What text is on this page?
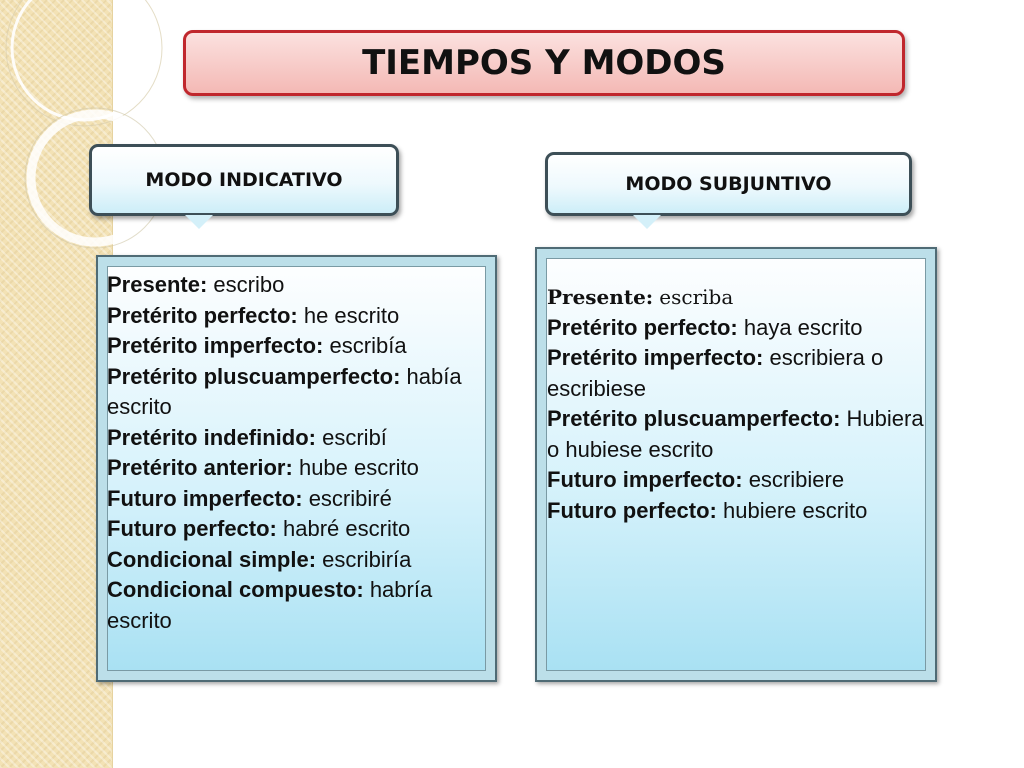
TIEMPOS Y MODOS
MODO INDICATIVO	MODO SUBJUNTIVO
Presente: escribo
Pretérito perfecto: he escrito
Pretérito imperfecto: escribía
Pretérito pluscuamperfecto: había escrito
Pretérito indefinido: escribí
Pretérito anterior: hube escrito
Futuro imperfecto: escribiré
Futuro perfecto: habré escrito
Condicional simple: escribiría
Condicional compuesto: habría escrito
Presente: escriba
Pretérito perfecto: haya escrito
Pretérito imperfecto: escribiera o escribiese
Pretérito pluscuamperfecto: Hubiera o hubiese escrito
Futuro imperfecto: escribiere
Futuro perfecto: hubiere escrito
